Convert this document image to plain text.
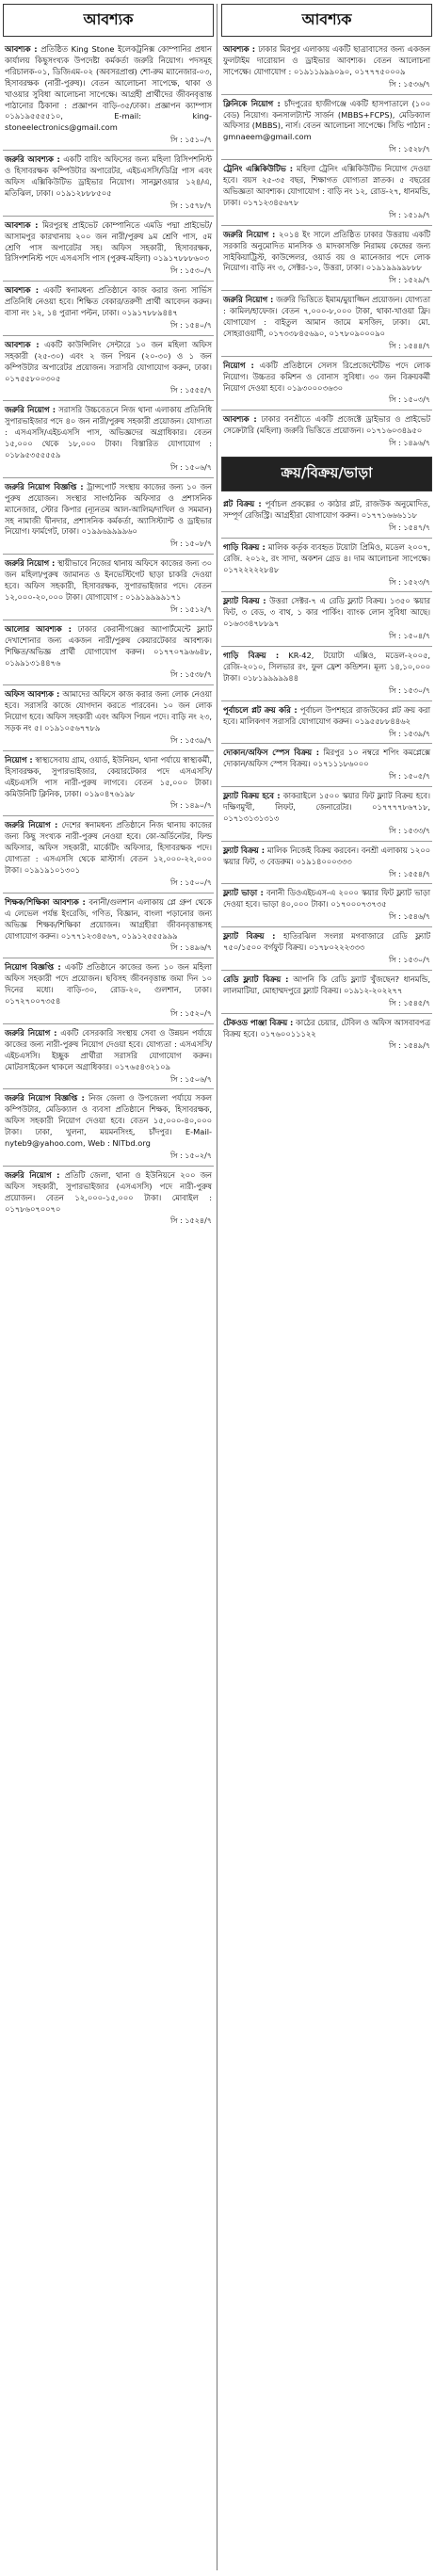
আবশ্যক
আবশ্যক : প্রতিষ্ঠিত King Stone ইলেকট্রনিক্স কোম্পানির প্রধান কার্যালয় কিছুসংখ্যক উপদেষ্টা কর্মকর্তা জরুরি নিয়োগ। পদসমূহ পরিচালক-০১, ডিজিএম-০২ (অবসরপ্রাপ্ত) শো-রুম ম্যানেজার-০৩, হিসাবরক্ষক (নারী-পুরুষ)। বেতন আলোচনা সাপেক্ষে, থাকা ও খাওয়ার সুবিধা আলোচনা সাপেক্ষে। আগ্রহী প্রার্থীদের জীবনবৃত্তান্ত পাঠানোর ঠিকানা : প্রজ্ঞাপন বাড়ি-৩৫/ঢাকা। প্রজ্ঞাপন ক্যাম্পাস ০১৯১৯৫৫৫৫১০, E-mail: king-stoneelectronics@gmail.com
সি : ১৫১০/৭
জরুরি আবশ্যক : একটি বায়িং অফিসের জন্য মহিলা রিসিপশনিস্ট ও হিসাবরক্ষক কম্পিউটার অপারেটর, এইচএসসি/ডিগ্রি পাস এবং অফিস এক্সিকিউটিভ ড্রাইভার নিয়োগ। সানফ্লাওয়ার ১২৪/এ, মতিঝিল, ঢাকা। ০১৯১২৮৮৮৫০৫
সি : ১৫৭৮/৭
আবশ্যক : মিরপুরস্থ প্রাইভেট কোম্পানিতে এমডি পদ্মা প্রাইভেট/আসামপুর কারখানায় ২০০ জন নারী/পুরুষ ৯ম শ্রেণি পাস, ৫ম শ্রেণি পাস অপারেটর সহ। অফিস সহকারী, হিসাবরক্ষক, রিসিপশনিস্ট পদে এসএসসি পাস (পুরুষ-মহিলা) ০১৯১৭৮৮৮৬০৩
সি : ১৫৩০/৭
আবশ্যক : একটি স্বনামধন্য প্রতিষ্ঠানে কাজ করার জন্য সার্ভিস প্রতিনিধি নেওয়া হবে। শিক্ষিত বেকার/তরুণী প্রার্থী আবেদন করুন। বাসা নং ১২, ১৪ পুরানা পল্টন, ঢাকা। ০১৯১৭৮৮৯৪৪৭
সি : ১৫৪০/৭
আবশ্যক : একটি কাউন্সিলিং সেন্টারে ১০ জন মহিলা অফিস সহকারী (২৫-৩০) এবং ২ জন পিয়ন (২০-৩০) ও ১ জন কম্পিউটার অপারেটর প্রয়োজন। সরাসরি যোগাযোগ করুন, ঢাকা। ০১৭৫৫৮০০৩০৫
সি : ১৫৫৫/৭
জরুরি নিয়োগ : সরাসরি উচ্চবেতনে নিজ থানা এলাকায় প্রতিনিধি সুপারভাইজার পদে ৪০ জন নারী/পুরুষ সহকারী প্রয়োজন। যোগ্যতা : এসএসসি/এইচএসসি পাস, অভিজ্ঞদের অগ্রাধিকার। বেতন ১৫,০০০ থেকে ১৮,০০০ টাকা। বিস্তারিত যোগাযোগ : ০১৮৯৫৩৫৫৫৫৯
সি : ১৫০৬/৭
জরুরি নিয়োগ বিজ্ঞপ্তি : ট্রান্সপোর্ট সংস্থায় কাজের জন্য ১০ জন পুরুষ প্রয়োজন। সংস্থার সাংগঠনিক অফিসার ও প্রশাসনিক ম্যানেজার, স্টোর কিপার (ন্যূনতম আল-আলিম/দাখিল ও সমমান) সহ নামাজী দ্বীনদার, প্রশাসনিক কর্মকর্তা, অ্যাসিস্ট্যান্ট ও ড্রাইভার নিয়োগ। ফার্মগেট, ঢাকা। ০১৯৯৬৯৯৯৯৬০
সি : ১৫০৮/৭
জরুরি নিয়োগ : স্থায়ীভাবে নিজের থানায় অফিসে কাজের জন্য ৩০ জন মহিলা/পুরুষ জামানত ও ইনভেস্টিগেট ছাড়া চাকরি দেওয়া হবে। অফিস সহকারী, হিসাবরক্ষক, সুপারভাইজার পদে। বেতন ১২,০০০-২০,০০০ টাকা। যোগাযোগ : ০১৯১৯৯৯৯১৭১
সি : ১৫১২/৭
আলোর আবশ্যক : ঢাকার কেরানীগঞ্জের অ্যাপার্টমেন্টে ফ্ল্যাট দেখাশোনার জন্য একজন নারী/পুরুষ কেয়ারটেকার আবশ্যক। শিক্ষিত/অভিজ্ঞ প্রার্থী যোগাযোগ করুন। ০১৭৭০৭৯৬৬৪৮, ০১৯৯১৩১৪৪৭৬
সি : ১৫৩৮/৭
অফিস আবশ্যক : আমাদের অফিসে কাজ করার জন্য লোক নেওয়া হবে। সরাসরি কাজে যোগদান করতে পারবেন। ১০ জন লোক নিয়োগ হবে। অফিস সহকারী এবং অফিস পিয়ন পদে। বাড়ি নং ২৩, সড়ক নং ৫। ০১৯১০৫৬৭৭৮৯
সি : ১৫৩৯/৭
নিয়োগ : স্বাস্থ্যসেবায় গ্রাম, ওয়ার্ড, ইউনিয়ন, থানা পর্যায়ে স্বাস্থ্যকর্মী, হিসাবরক্ষক, সুপারভাইজার, কেয়ারটেকার পদে এসএসসি/এইচএসসি পাস নারী-পুরুষ লাগবে। বেতন ১৫,০০০ টাকা। কমিউনিটি ক্লিনিক, ঢাকা। ০১৯০৪৭৬১৯৮
সি : ১৪৯০/৭
জরুরি নিয়োগ : দেশের স্বনামধন্য প্রতিষ্ঠানে নিজ থানায় কাজের জন্য কিছু সংখ্যক নারী-পুরুষ নেওয়া হবে। কো-অর্ডিনেটর, ফিল্ড অফিসার, অফিস সহকারী, মার্কেটিং অফিসার, হিসাবরক্ষক পদে। যোগ্যতা : এসএসসি থেকে মাস্টার্স। বেতন ১২,০০০-২২,০০০ টাকা। ০১৯১৯১০১৩০১
সি : ১৫০০/৭
শিক্ষক/শিক্ষিকা আবশ্যক : বনানী/গুলশান এলাকায় প্লে গ্রুপ থেকে এ লেভেল পর্যন্ত ইংরেজি, গণিত, বিজ্ঞান, বাংলা পড়ানোর জন্য অভিজ্ঞ শিক্ষক/শিক্ষিকা প্রয়োজন। আগ্রহীরা জীবনবৃত্তান্তসহ যোগাযোগ করুন। ০১৭৭১২৩৪৫৬৭, ০১৯১২৫৫৫৯৯৯
সি : ১৪৯৬/৭
নিয়োগ বিজ্ঞপ্তি : একটি প্রতিষ্ঠানে কাজের জন্য ১০ জন মহিলা অফিস সহকারী পদে প্রয়োজন। ছবিসহ জীবনবৃত্তান্ত জমা দিন ১০ দিনের মধ্যে। বাড়ি-৩০, রোড-২০, গুলশান, ঢাকা। ০১৭২৭০০৭৩৫৪
সি : ১৫২০/৭
জরুরি নিয়োগ : একটি বেসরকারি সংস্থায় সেবা ও উন্নয়ন পর্যায়ে কাজের জন্য নারী-পুরুষ নিয়োগ দেওয়া হবে। যোগ্যতা : এসএসসি/এইচএসসি। ইচ্ছুক প্রার্থীরা সরাসরি যোগাযোগ করুন। মোটরসাইকেল থাকলে অগ্রাধিকার। ০১৭৬৫৪৩২১০৯
সি : ১৫০৬/৭
জরুরি নিয়োগ বিজ্ঞপ্তি : নিজ জেলা ও উপজেলা পর্যায়ে সকল কম্পিউটার, মেডিক্যাল ও ব্যবসা প্রতিষ্ঠানে শিক্ষক, হিসাবরক্ষক, অফিস সহকারী নিয়োগ দেওয়া হবে। বেতন ১৫,০০০-৪০,০০০ টাকা। ঢাকা, খুলনা, ময়মনসিংহ, চাঁদপুর। E-Mail-nyteb9@yahoo.com, Web : NITbd.org
সি : ১৫০২/৭
জরুরি নিয়োগ : প্রতিটি জেলা, থানা ও ইউনিয়নে ২০০ জন অফিস সহকারী, সুপারভাইজার (এসএসসি) পদে নারী-পুরুষ প্রয়োজন। বেতন ১২,০০০-১৫,০০০ টাকা। মোবাইল : ০১৭৮৬০৭০০৭০
সি : ১৫২৪/৭
আবশ্যক
আবশ্যক : ঢাকার মিরপুর এলাকায় একটি ছাত্রাবাসের জন্য একজন ফুলটাইম দারোয়ান ও ড্রাইভার আবশ্যক। বেতন আলোচনা সাপেক্ষে। যোগাযোগ : ০১৯১১৯৯৯০৯০, ০১৭৭৭৫০০০৯
সি : ১৫৩৬/৭
ক্লিনিকে নিয়োগ : চাঁদপুরের হাজীগঞ্জে একটি হাসপাতালে (১০০ বেড) নিয়োগ। কনসালট্যান্ট সার্জন (MBBS+FCPS), মেডিক্যাল অফিসার (MBBS), নার্স। বেতন আলোচনা সাপেক্ষে। সিভি পাঠান : gmnaeem@gmail.com
সি : ১৫২৮/৭
ট্রেনিং এক্সিকিউটিভ : মহিলা ট্রেনিং এক্সিকিউটিভ নিয়োগ দেওয়া হবে। বয়স ২৫-৩৫ বছর, শিক্ষাগত যোগ্যতা স্নাতক। ৫ বছরের অভিজ্ঞতা আবশ্যক। যোগাযোগ : বাড়ি নং ১২, রোড-২৭, ধানমন্ডি, ঢাকা। ০১৭১২৩৪৫৬৭৮
সি : ১৫১৯/৭
জরুরি নিয়োগ : ২০১৪ ইং সালে প্রতিষ্ঠিত ঢাকার উত্তরায় একটি সরকারি অনুমোদিত মানসিক ও মাদকাসক্তি নিরাময় কেন্দ্রের জন্য সাইকিয়াট্রিস্ট, কাউন্সেলর, ওয়ার্ড বয় ও ম্যানেজার পদে লোক নিয়োগ। বাড়ি নং ৩, সেক্টর-১০, উত্তরা, ঢাকা। ০১৯১৯৯৯৯৮৮৮
সি : ১৫২৯/৭
জরুরি নিয়োগ : জরুরি ভিত্তিতে ইমাম/মুয়াজ্জিন প্রয়োজন। যোগ্যতা : কামিল/হাফেজ। বেতন ৭,০০০-৮,০০০ টাকা, থাকা-খাওয়া ফ্রি। যোগাযোগ : বাইতুল আমান জামে মসজিদ, ঢাকা। মো. সোহরাওয়ার্দী, ০১৭৩৩৮৪৫৬৯০, ০১৭৮০৯০০০৯০
সি : ১৫৪৪/৭
নিয়োগ : একটি প্রতিষ্ঠানে সেলস রিপ্রেজেন্টেটিভ পদে লোক নিয়োগ। উচ্চতর কমিশন ও বোনাস সুবিধা। ৩০ জন বিক্রয়কর্মী নিয়োগ দেওয়া হবে। ০১৯৩০০০৩৬৩০
সি : ১৫০৩/৭
আবশ্যক : ঢাকার বনশ্রীতে একটি প্রজেক্টে ড্রাইভার ও প্রাইভেট সেক্রেটারি (মহিলা) জরুরি ভিত্তিতে প্রয়োজন। ০১৭১৬০৩৪৯৫০
সি : ১৪৯৬/৭
ক্রয়/বিক্রয়/ভাড়া
প্লট বিক্রয় : পূর্বাচল প্রকল্পের ৩ কাঠার প্লট, রাজউক অনুমোদিত, সম্পূর্ণ রেজিস্ট্রি। আগ্রহীরা যোগাযোগ করুন। ০১৭৭১৬৬৬১১৮
সি : ১৫৪৭/৭
গাড়ি বিক্রয় : মালিক কর্তৃক ব্যবহৃত টয়োটা প্রিমিও, মডেল ২০০৭, রেজি. ২০১২, রং সাদা, অকশন গ্রেড ৪। দাম আলোচনা সাপেক্ষে। ০১৭২২২২২৮৪৮
সি : ১৫২৩/৭
ফ্ল্যাট বিক্রয় : উত্তরা সেক্টর-৭ এ রেডি ফ্ল্যাট বিক্রয়। ১৩৫০ স্কয়ার ফিট, ৩ বেড, ৩ বাথ, ১ কার পার্কিং। ব্যাংক লোন সুবিধা আছে। ০১৬৩৩৪৭৮৮৯৭
সি : ১৫০৪/৭
গাড়ি বিক্রয় : KR-42, টয়োটা এক্সিও, মডেল-২০০৫, রেজি-২০১০, সিলভার রং, ফুল ফ্রেশ কন্ডিশন। মূল্য ১৪,১০,০০০ টাকা। ০১৮১৯৯৯৯৯৪৪
সি : ১৫৩০/৭
পূর্বাচলে প্লট ক্রয় করি : পূর্বাচল উপশহরে রাজউকের প্লট ক্রয় করা হবে। মালিকগণ সরাসরি যোগাযোগ করুন। ০১৯৫৫৮৮৪৪৬২
সি : ১৫৩৯/৭
দোকান/অফিস স্পেস বিক্রয় : মিরপুর ১০ নম্বরে শপিং কমপ্লেক্সে দোকান/অফিস স্পেস বিক্রয়। ০১৭১১১৮৬০০০
সি : ১৫০৫/৭
ফ্ল্যাট বিক্রয় হবে : কাকরাইলে ১৫০০ স্কয়ার ফিট ফ্ল্যাট বিক্রয় হবে। দক্ষিণমুখী, লিফট, জেনারেটর। ০১৭৭৭৭৮৬৭১৮, ০১৭১৩১৩১৩১৩
সি : ১৫৩৩/৭
ফ্ল্যাট বিক্রয় : মালিক নিজেই বিক্রয় করবেন। বনশ্রী এলাকায় ১২০০ স্কয়ার ফিট, ৩ বেডরুম। ০১৯১৪০০০৩৩৩
সি : ১৫৫৪/৭
ফ্ল্যাট ভাড়া : বনানী ডিওএইচএস-এ ২০০০ স্কয়ার ফিট ফ্ল্যাট ভাড়া দেওয়া হবে। ভাড়া ৪০,০০০ টাকা। ০১৭০০০৭৩৭৩৫
সি : ১৫৪৬/৭
ফ্ল্যাট বিক্রয় : হাতিরঝিল সংলগ্ন মগবাজারে রেডি ফ্ল্যাট ৭৫০/১৫০০ বর্গফুট বিক্রয়। ০১৭৮০২২২৩৩৩
সি : ১৫৩০/৭
রেডি ফ্ল্যাট বিক্রয় : আপনি কি রেডি ফ্ল্যাট খুঁজছেন? ধানমন্ডি, লালমাটিয়া, মোহাম্মদপুরে ফ্ল্যাট বিক্রয়। ০১৯১২-২০২২৭৭
সি : ১৫৪৫/৭
টেকওড পাঞ্জা বিক্রয় : কাঠের চেয়ার, টেবিল ও অফিস আসবাবপত্র বিক্রয় হবে। ০১৭৬০০১১১২২
সি : ১৫৪৯/৭
